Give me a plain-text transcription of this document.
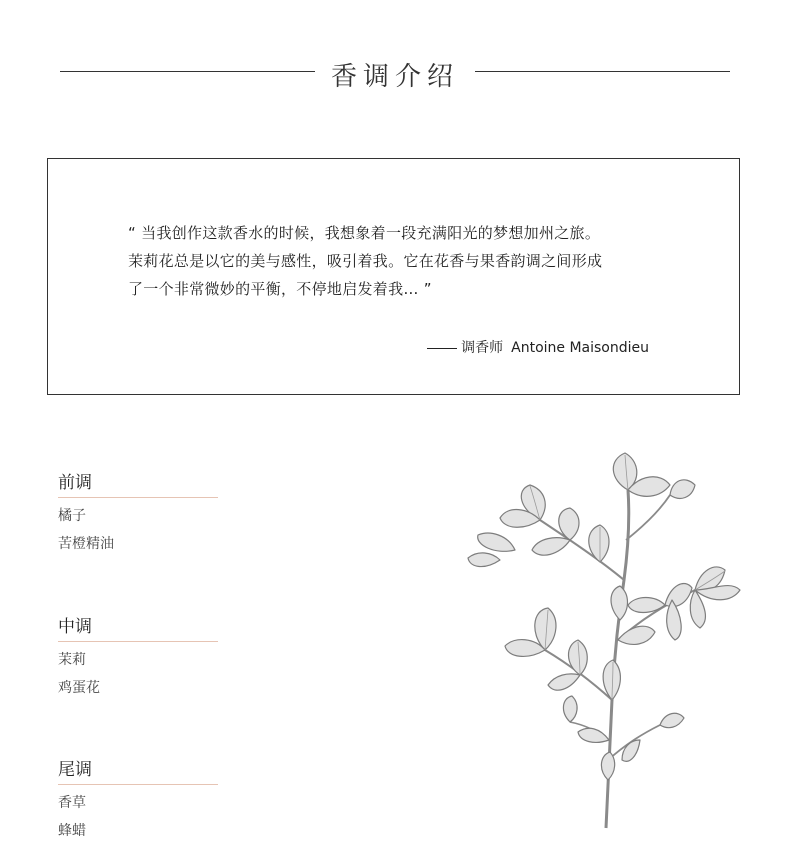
香调介绍
“ 当我创作这款香水的时候，我想象着一段充满阳光的梦想加州之旅。
茉莉花总是以它的美与感性，吸引着我。它在花香与果香韵调之间形成
了一个非常微妙的平衡，不停地启发着我… ”
调香师 Antoine Maisondieu
前调
橘子
苦橙精油
中调
茉莉
鸡蛋花
尾调
香草
蜂蜡
